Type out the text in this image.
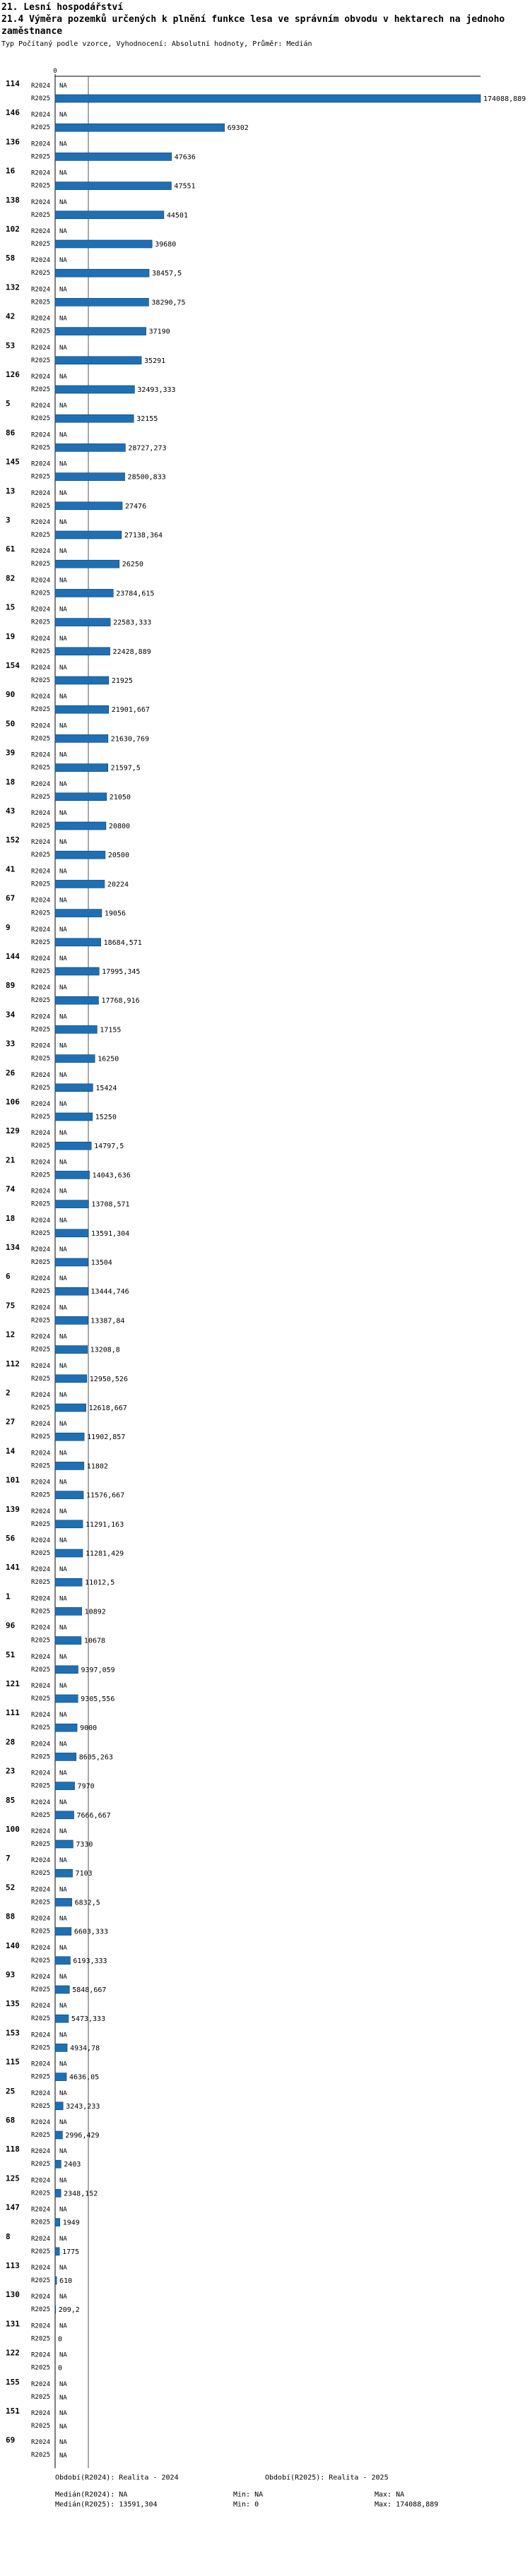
21. Lesní hospodářství
21.4 Výměra pozemků určených k plnění funkce lesa ve správním obvodu v hektarech na jednoho zaměstnance
Typ Počítaný podle vzorce, Vyhodnocení: Absolutní hodnoty, Průměr: Medián
0
114 R2024 NA
R2025	174088,889
146 R2024 NA
R2025	69302
136 R2024 NA
R2025	47636
16	R2024 NA
R2025	47551
138 R2024 NA
R2025	44501
102 R2024 NA
R2025	39680
58	R2024 NA
R2025	38457,5
132 R2024 NA
R2025	38290,75
42	R2024 NA
R2025	37190
53	R2024 NA
R2025	35291
126 R2024 NA
R2025	32493,333
5	R2024 NA
R2025	32155
86	R2024 NA
R2025	28727,273
145 R2024 NA
R2025	28500,833
13	R2024 NA
R2025	27476
3	R2024 NA
R2025	27138,364
61	R2024 NA
R2025	26250
82	R2024 NA
R2025	23784,615
15	R2024 NA
R2025	22583,333
19	R2024 NA
R2025	22428,889
154 R2024 NA
R2025	21925
90	R2024 NA
R2025	21901,667
50	R2024 NA
R2025	21630,769
39	R2024 NA
R2025	21597,5
18	R2024 NA
R2025	21050
43	R2024 NA
R2025	20800
152 R2024 NA
R2025	20500
41	R2024 NA
R2025	20224
67	R2024 NA
R2025	19056
9	R2024 NA
R2025	18684,571
144 R2024 NA
R2025	17995,345
89	R2024 NA
R2025	17768,916
34	R2024 NA
R2025	17155
33	R2024 NA
R2025	16250
26	R2024 NA
R2025	15424
106 R2024 NA
R2025	15250
129 R2024 NA
R2025	14797,5
21	R2024 NA
R2025	14043,636
74	R2024 NA
R2025	13708,571
18	R2024 NA
R2025	13591,304
134 R2024 NA
R2025	13504
6	R2024 NA
R2025	13444,746
75	R2024 NA
R2025	13387,84
12	R2024 NA
R2025	13208,8
112 R2024 NA
R2025	12950,526
2	R2024 NA
R2025	12618,667
27	R2024 NA
R2025	11902,857
14	R2024 NA
R2025	11802
101 R2024 NA
R2025	11576,667
139 R2024 NA
R2025	11291,163
56	R2024 NA
R2025	11281,429
141 R2024 NA
R2025	11012,5
1	R2024 NA
R2025	10892
96	R2024 NA
R2025	10678
51	R2024 NA
R2025	9397,059
121 R2024 NA
R2025	9305,556
111 R2024 NA
R2025	9000
28	R2024 NA
R2025	8605,263
23	R2024 NA
R2025	7970
85	R2024 NA
R2025	7666,667
100 R2024 NA
R2025	7330
7	R2024 NA
R2025	7103
52	R2024 NA
R2025	6832,5
88	R2024 NA
R2025	6603,333
140 R2024 NA
R2025	6193,333
93	R2024 NA
R2025	5848,667
135 R2024 NA
R2025	5473,333
153 R2024 NA
R2025	4934,78
115 R2024 NA
R2025	4636,05
25	R2024 NA
R2025 3243,233
68	R2024 NA
R2025 2996,429
118 R2024 NA
R2025 2403
125 R2024 NA
R2025 2348,152
147 R2024 NA
R2025 1949
8	R2024 NA
R2025 1775
113 R2024 NA
R2025 610
130 R2024 NA
R2025 209,2
131 R2024 NA
R2025 0
122 R2024 NA
R2025 0
155 R2024 NA
R2025 NA
151 R2024 NA
R2025 NA
69	R2024 NA
R2025 NA
Období(R2024): Realita - 2024	Období(R2025): Realita - 2025
Medián(R2024): NA	Min: NA	Max: NA
Medián(R2025): 13591,304	Min: 0	Max: 174088,889
